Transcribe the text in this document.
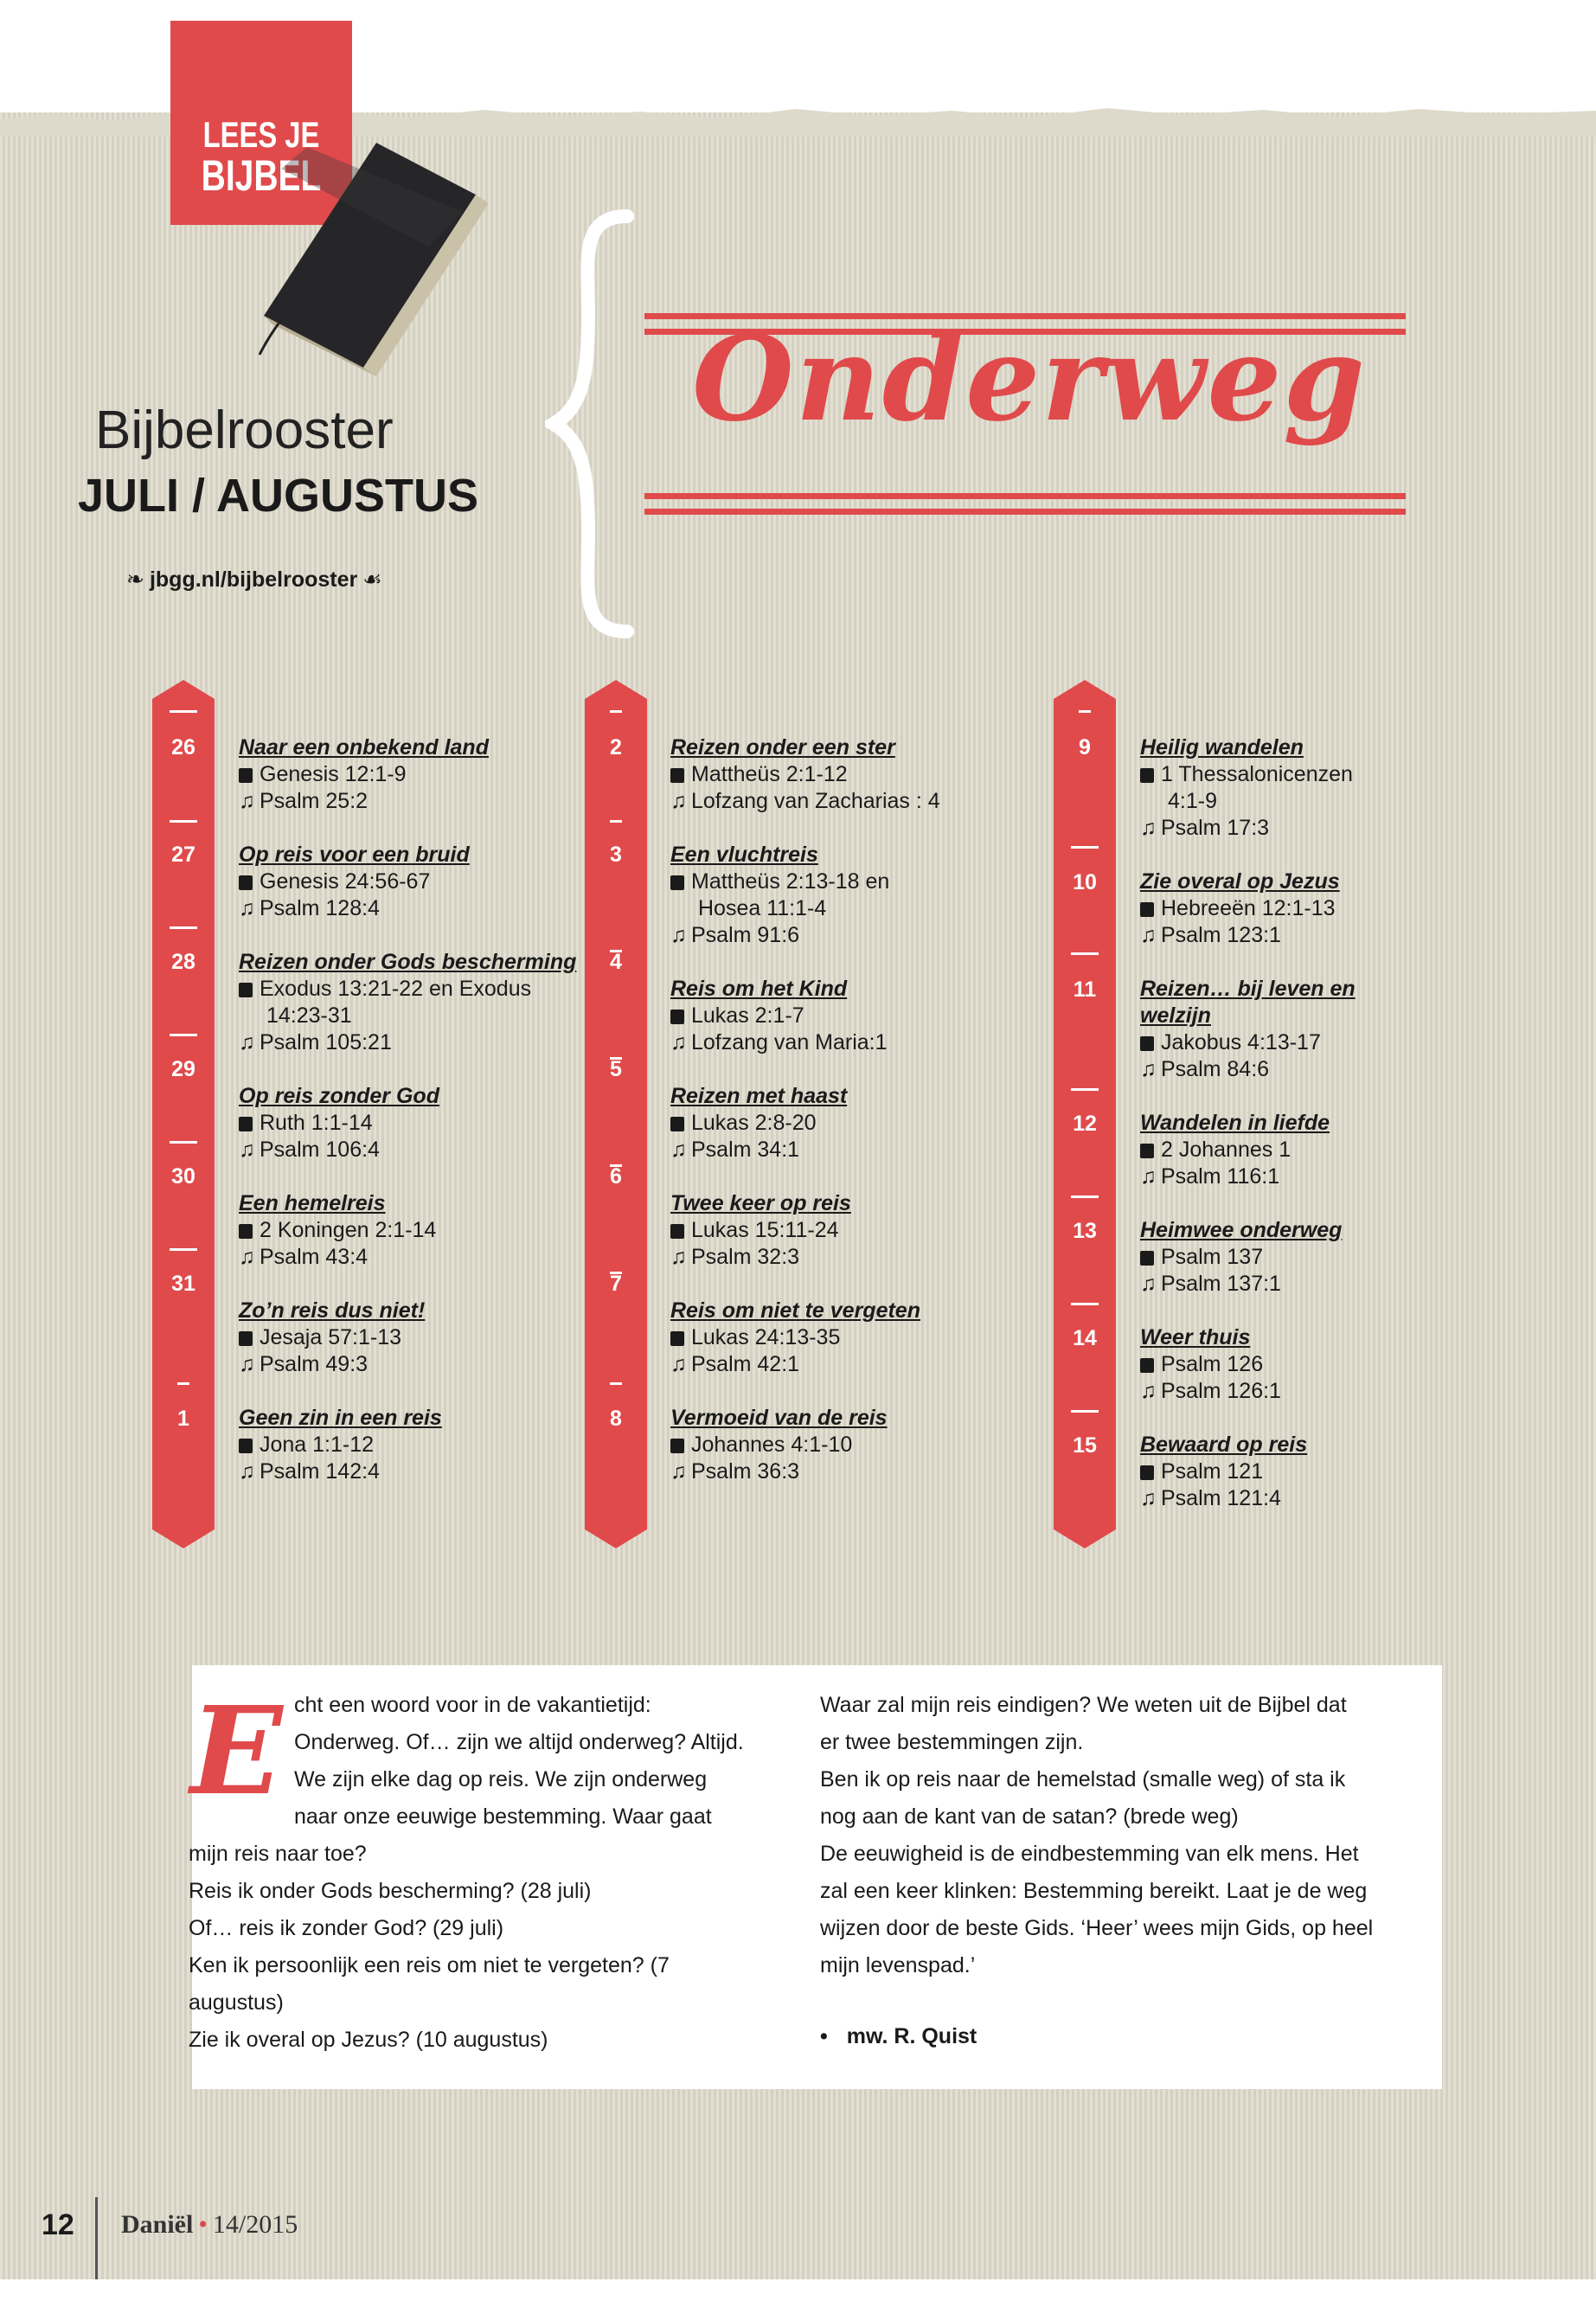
LEES JE
BIJBEL
Bijbelrooster
JULI / AUGUSTUS
❧ jbgg.nl/bijbelrooster ☙
Onderweg
26
27
28
29
30
31
1
2
3
4
5
6
7
8
9
10
11
12
13
14
15
Naar een onbekend land
Genesis 12:1-9
♫ Psalm 25:2
Op reis voor een bruid
Genesis 24:56-67
♫ Psalm 128:4
Reizen onder Gods bescherming
Exodus 13:21-22 en Exodus
14:23-31
♫ Psalm 105:21
Op reis zonder God
Ruth 1:1-14
♫ Psalm 106:4
Een hemelreis
2 Koningen 2:1-14
♫ Psalm 43:4
Zo’n reis dus niet!
Jesaja 57:1-13
♫ Psalm 49:3
Geen zin in een reis
Jona 1:1-12
♫ Psalm 142:4
Reizen onder een ster
Mattheüs 2:1-12
♫ Lofzang van Zacharias : 4
Een vluchtreis
Mattheüs 2:13-18 en
Hosea 11:1-4
♫ Psalm 91:6
Reis om het Kind
Lukas 2:1-7
♫ Lofzang van Maria:1
Reizen met haast
Lukas 2:8-20
♫ Psalm 34:1
Twee keer op reis
Lukas 15:11-24
♫ Psalm 32:3
Reis om niet te vergeten
Lukas 24:13-35
♫ Psalm 42:1
Vermoeid van de reis
Johannes 4:1-10
♫ Psalm 36:3
Heilig wandelen
1 Thessalonicenzen
4:1-9
♫ Psalm 17:3
Zie overal op Jezus
Hebreeën 12:1-13
♫ Psalm 123:1
Reizen… bij leven en
welzijn
Jakobus 4:13-17
♫ Psalm 84:6
Wandelen in liefde
2 Johannes 1
♫ Psalm 116:1
Heimwee onderweg
Psalm 137
♫ Psalm 137:1
Weer thuis
Psalm 126
♫ Psalm 126:1
Bewaard op reis
Psalm 121
♫ Psalm 121:4
E cht een woord voor in de vakantietijd:
Onderweg. Of… zijn we altijd onderweg? Altijd.
We zijn elke dag op reis. We zijn onderweg
naar onze eeuwige bestemming. Waar gaat
mijn reis naar toe?
Reis ik onder Gods bescherming? (28 juli)
Of… reis ik zonder God? (29 juli)
Ken ik persoonlijk een reis om niet te vergeten? (7
augustus)
Zie ik overal op Jezus? (10 augustus)
Waar zal mijn reis eindigen? We weten uit de Bijbel dat
er twee bestemmingen zijn.
Ben ik op reis naar de hemelstad (smalle weg) of sta ik
nog aan de kant van de satan? (brede weg)
De eeuwigheid is de eindbestemming van elk mens. Het
zal een keer klinken: Bestemming bereikt. Laat je de weg
wijzen door de beste Gids. ‘Heer’ wees mijn Gids, op heel
mijn levenspad.’
• mw. R. Quist
12 Daniël • 14/2015
